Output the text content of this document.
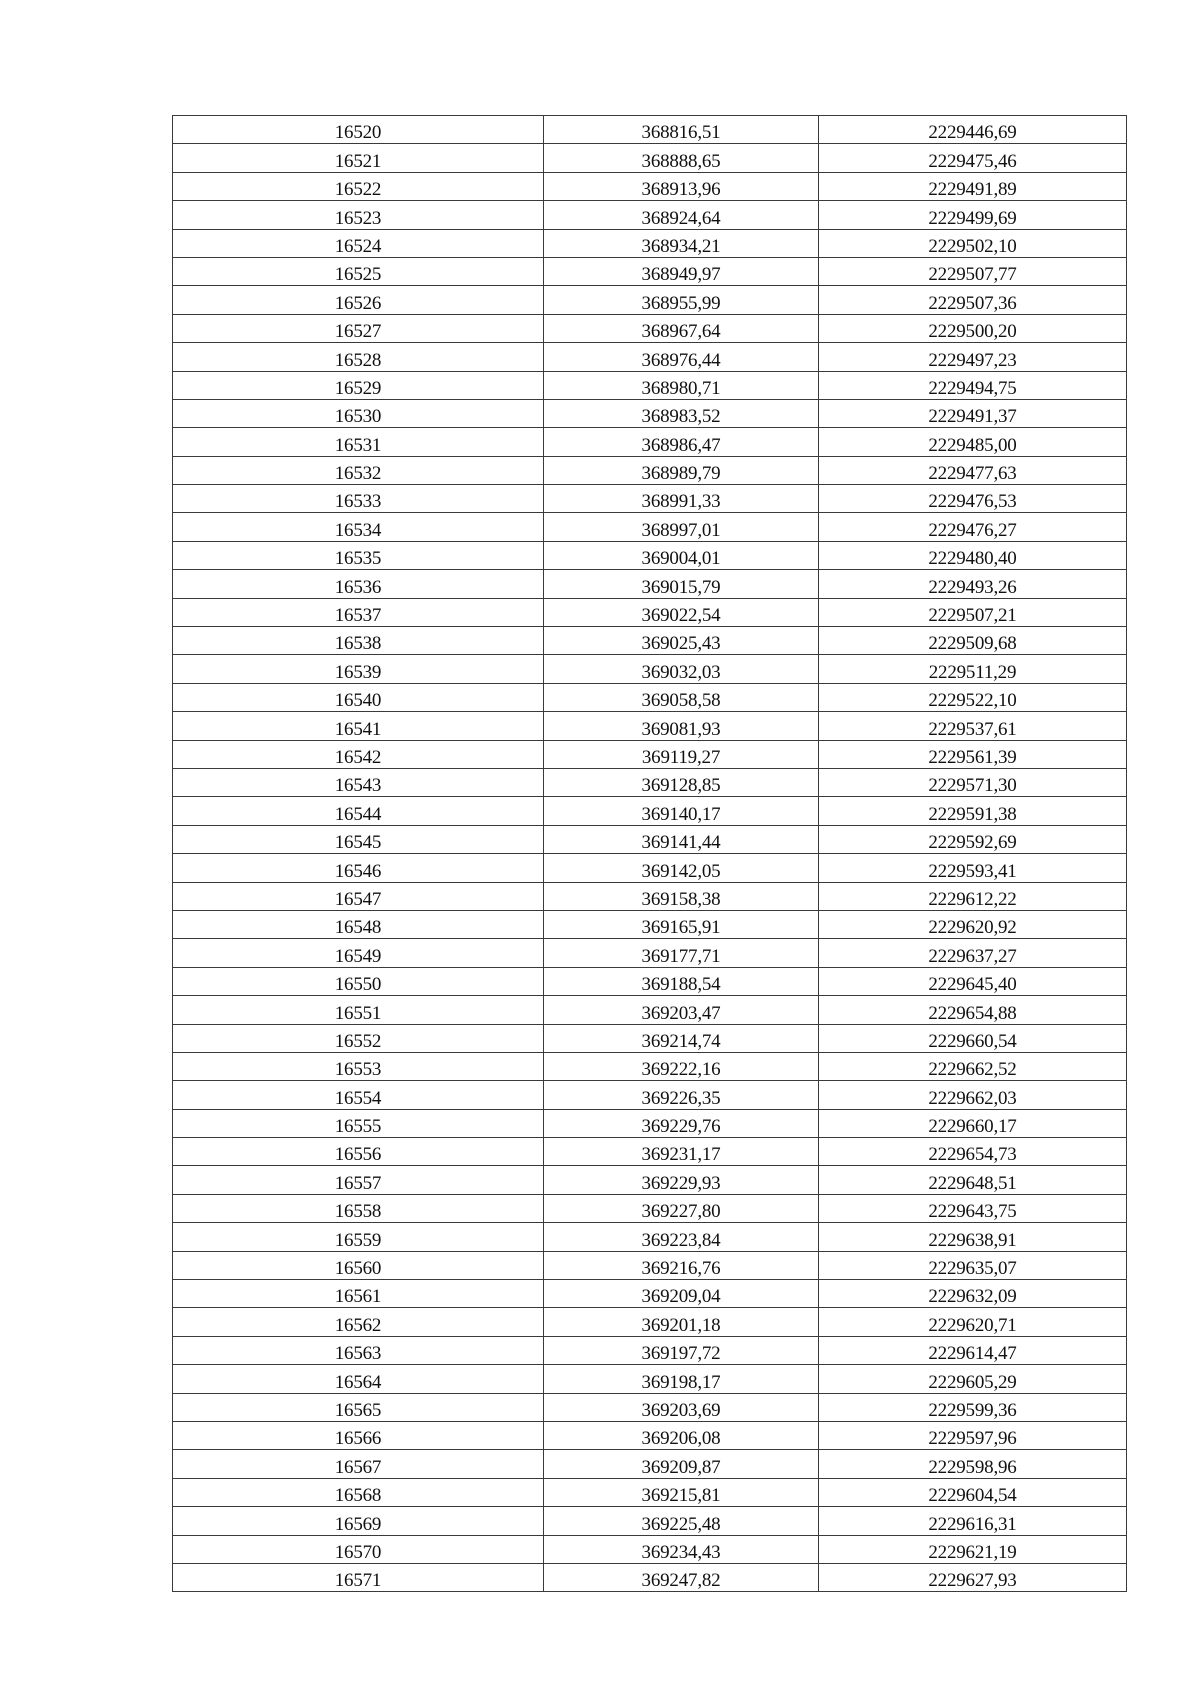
16520	368816,51	2229446,69
16521	368888,65	2229475,46
16522	368913,96	2229491,89
16523	368924,64	2229499,69
16524	368934,21	2229502,10
16525	368949,97	2229507,77
16526	368955,99	2229507,36
16527	368967,64	2229500,20
16528	368976,44	2229497,23
16529	368980,71	2229494,75
16530	368983,52	2229491,37
16531	368986,47	2229485,00
16532	368989,79	2229477,63
16533	368991,33	2229476,53
16534	368997,01	2229476,27
16535	369004,01	2229480,40
16536	369015,79	2229493,26
16537	369022,54	2229507,21
16538	369025,43	2229509,68
16539	369032,03	2229511,29
16540	369058,58	2229522,10
16541	369081,93	2229537,61
16542	369119,27	2229561,39
16543	369128,85	2229571,30
16544	369140,17	2229591,38
16545	369141,44	2229592,69
16546	369142,05	2229593,41
16547	369158,38	2229612,22
16548	369165,91	2229620,92
16549	369177,71	2229637,27
16550	369188,54	2229645,40
16551	369203,47	2229654,88
16552	369214,74	2229660,54
16553	369222,16	2229662,52
16554	369226,35	2229662,03
16555	369229,76	2229660,17
16556	369231,17	2229654,73
16557	369229,93	2229648,51
16558	369227,80	2229643,75
16559	369223,84	2229638,91
16560	369216,76	2229635,07
16561	369209,04	2229632,09
16562	369201,18	2229620,71
16563	369197,72	2229614,47
16564	369198,17	2229605,29
16565	369203,69	2229599,36
16566	369206,08	2229597,96
16567	369209,87	2229598,96
16568	369215,81	2229604,54
16569	369225,48	2229616,31
16570	369234,43	2229621,19
16571	369247,82	2229627,93
